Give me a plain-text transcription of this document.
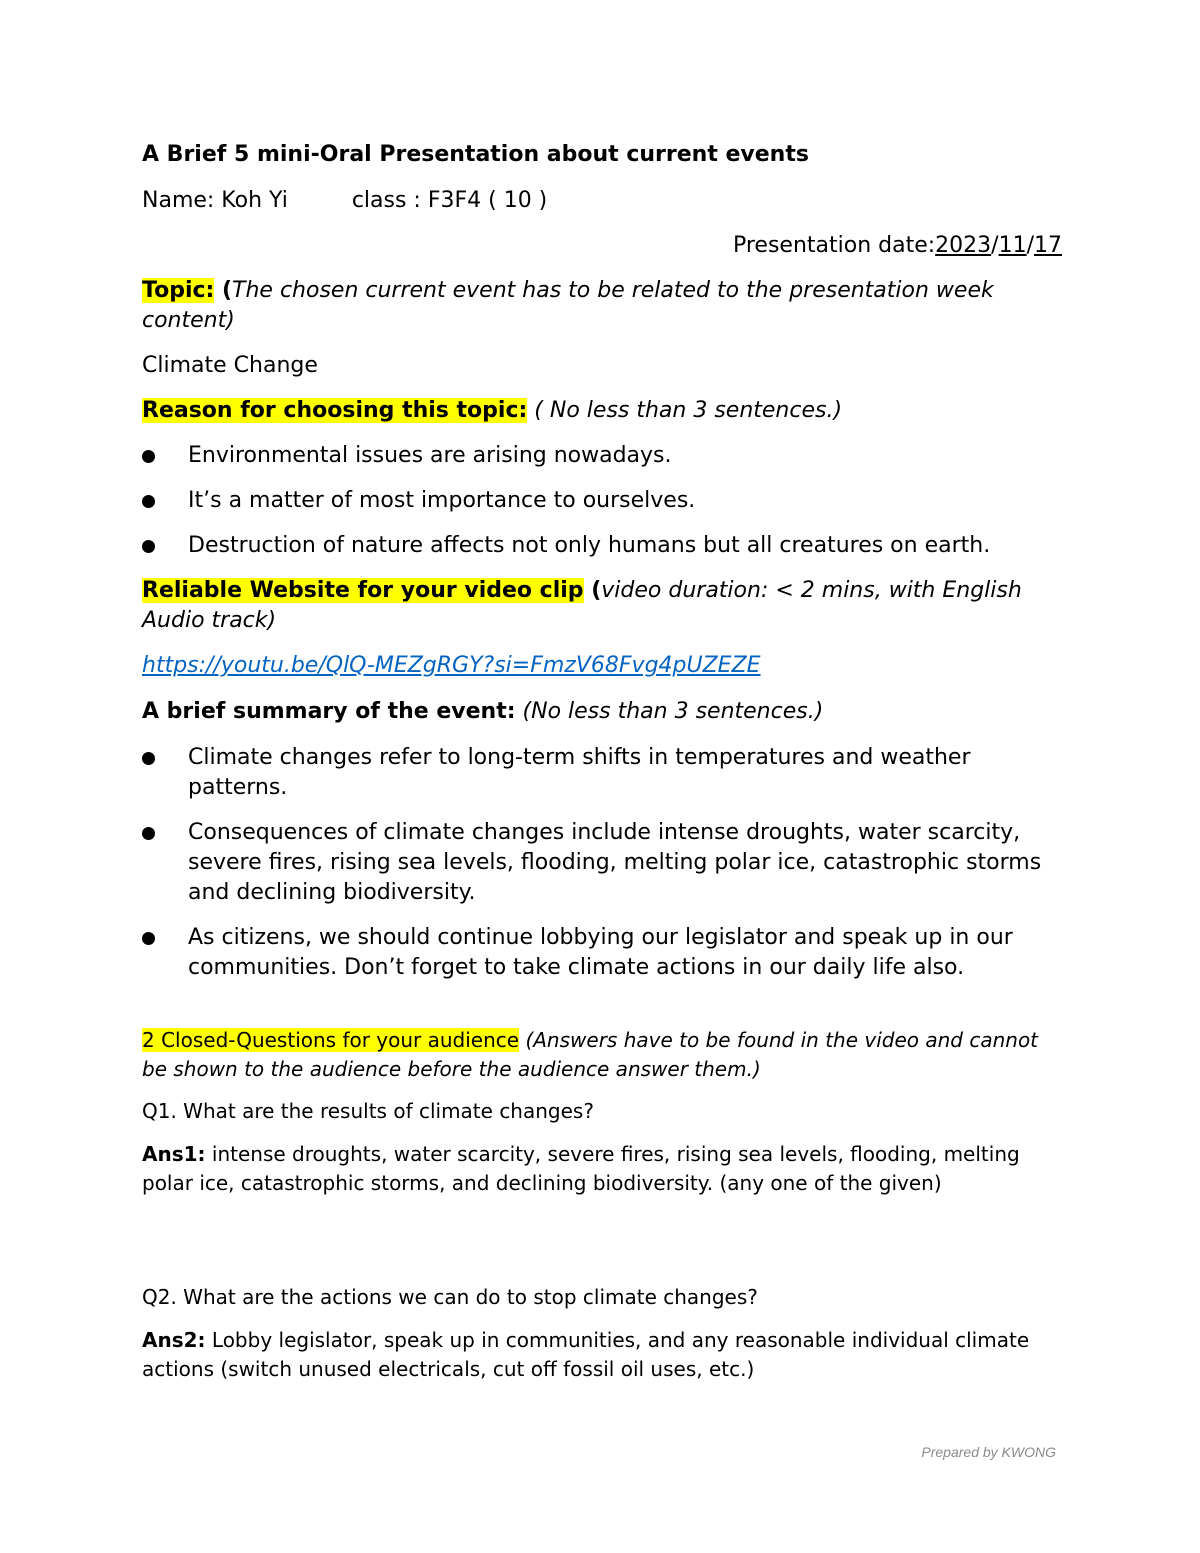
A Brief 5 mini-Oral Presentation about current events
Name: Koh Yi	class : F3F4 ( 10 )
Presentation date:2023/11/17
Topic: (The chosen current event has to be related to the presentation week content)
Climate Change
Reason for choosing this topic: ( No less than 3 sentences.)
Environmental issues are arising nowadays.
It’s a matter of most importance to ourselves.
Destruction of nature affects not only humans but all creatures on earth.
Reliable Website for your video clip (video duration: < 2 mins, with English Audio track)
https://youtu.be/QlQ-MEZgRGY?si=FmzV68Fvg4pUZEZE
A brief summary of the event: (No less than 3 sentences.)
Climate changes refer to long-term shifts in temperatures and weather patterns.
Consequences of climate changes include intense droughts, water scarcity, severe fires, rising sea levels, flooding, melting polar ice, catastrophic storms and declining biodiversity.
As citizens, we should continue lobbying our legislator and speak up in our communities. Don’t forget to take climate actions in our daily life also.
2 Closed-Questions for your audience (Answers have to be found in the video and cannot be shown to the audience before the audience answer them.)
Q1. What are the results of climate changes?
Ans1: intense droughts, water scarcity, severe fires, rising sea levels, flooding, melting polar ice, catastrophic storms, and declining biodiversity. (any one of the given)
Q2. What are the actions we can do to stop climate changes?
Ans2: Lobby legislator, speak up in communities, and any reasonable individual climate actions (switch unused electricals, cut off fossil oil uses, etc.)
Prepared by KWONG
